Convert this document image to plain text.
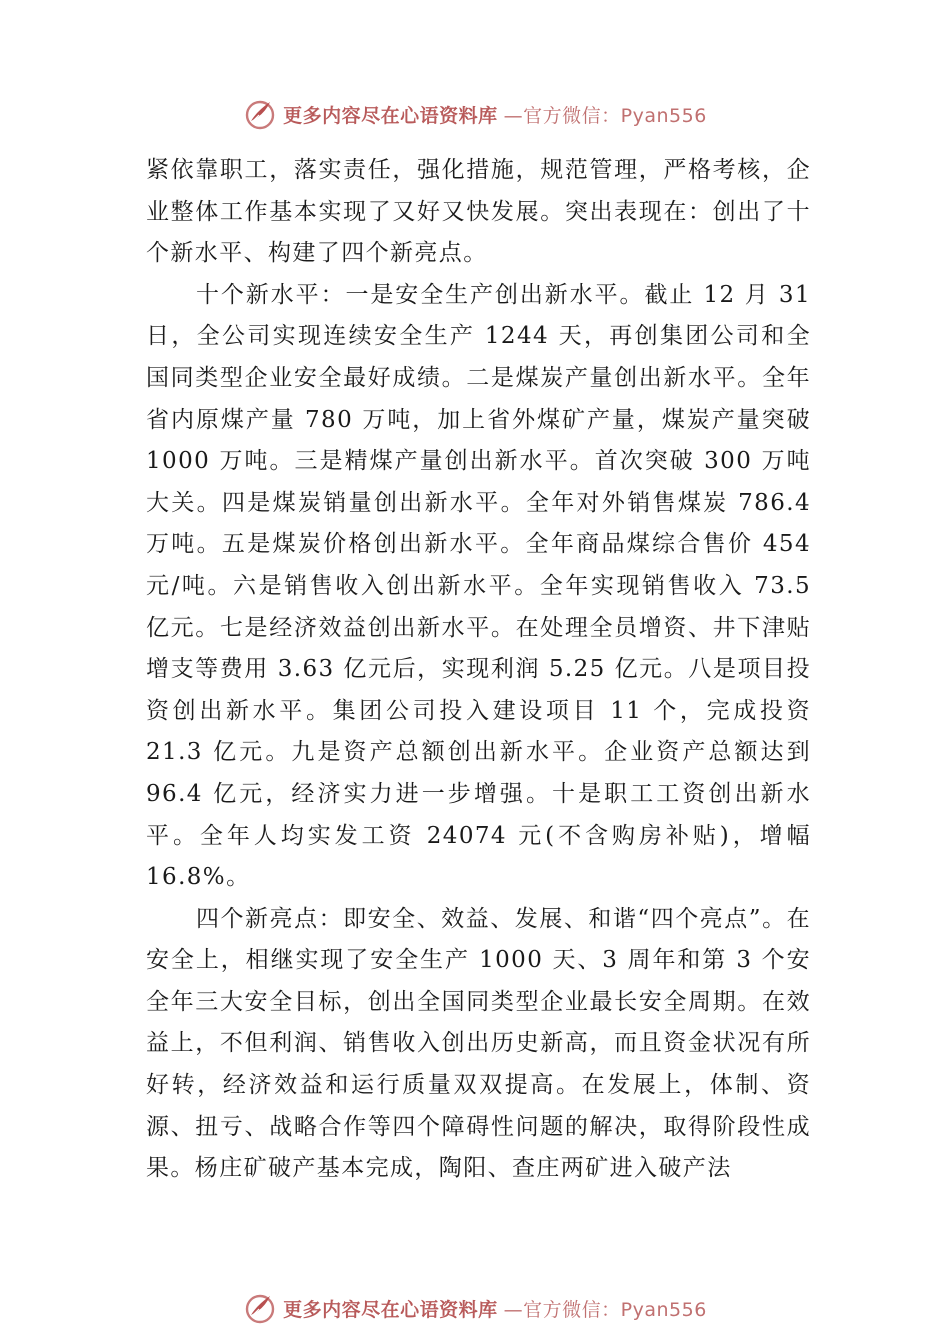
更多内容尽在心语资料库 —官方微信：Pyan556

紧依靠职工，落实责任，强化措施，规范管理，严格考核，企业整体工作基本实现了又好又快发展。突出表现在：创出了十个新水平、构建了四个新亮点。

十个新水平：一是安全生产创出新水平。截止 12 月 31 日，全公司实现连续安全生产 1244 天，再创集团公司和全国同类型企业安全最好成绩。二是煤炭产量创出新水平。全年省内原煤产量 780 万吨，加上省外煤矿产量，煤炭产量突破 1000 万吨。三是精煤产量创出新水平。首次突破 300 万吨大关。四是煤炭销量创出新水平。全年对外销售煤炭 786.4 万吨。五是煤炭价格创出新水平。全年商品煤综合售价 454 元/吨。六是销售收入创出新水平。全年实现销售收入 73.5 亿元。七是经济效益创出新水平。在处理全员增资、井下津贴增支等费用 3.63 亿元后，实现利润 5.25 亿元。八是项目投资创出新水平。集团公司投入建设项目 11 个，完成投资 21.3 亿元。九是资产总额创出新水平。企业资产总额达到 96.4 亿元，经济实力进一步增强。十是职工工资创出新水平。全年人均实发工资 24074 元(不含购房补贴)，增幅 16.8%。

四个新亮点：即安全、效益、发展、和谐“四个亮点”。在安全上，相继实现了安全生产 1000 天、3 周年和第 3 个安全年三大安全目标，创出全国同类型企业最长安全周期。在效益上，不但利润、销售收入创出历史新高，而且资金状况有所好转，经济效益和运行质量双双提高。在发展上，体制、资源、扭亏、战略合作等四个障碍性问题的解决，取得阶段性成果。杨庄矿破产基本完成，陶阳、查庄两矿进入破产法

更多内容尽在心语资料库 —官方微信：Pyan556
